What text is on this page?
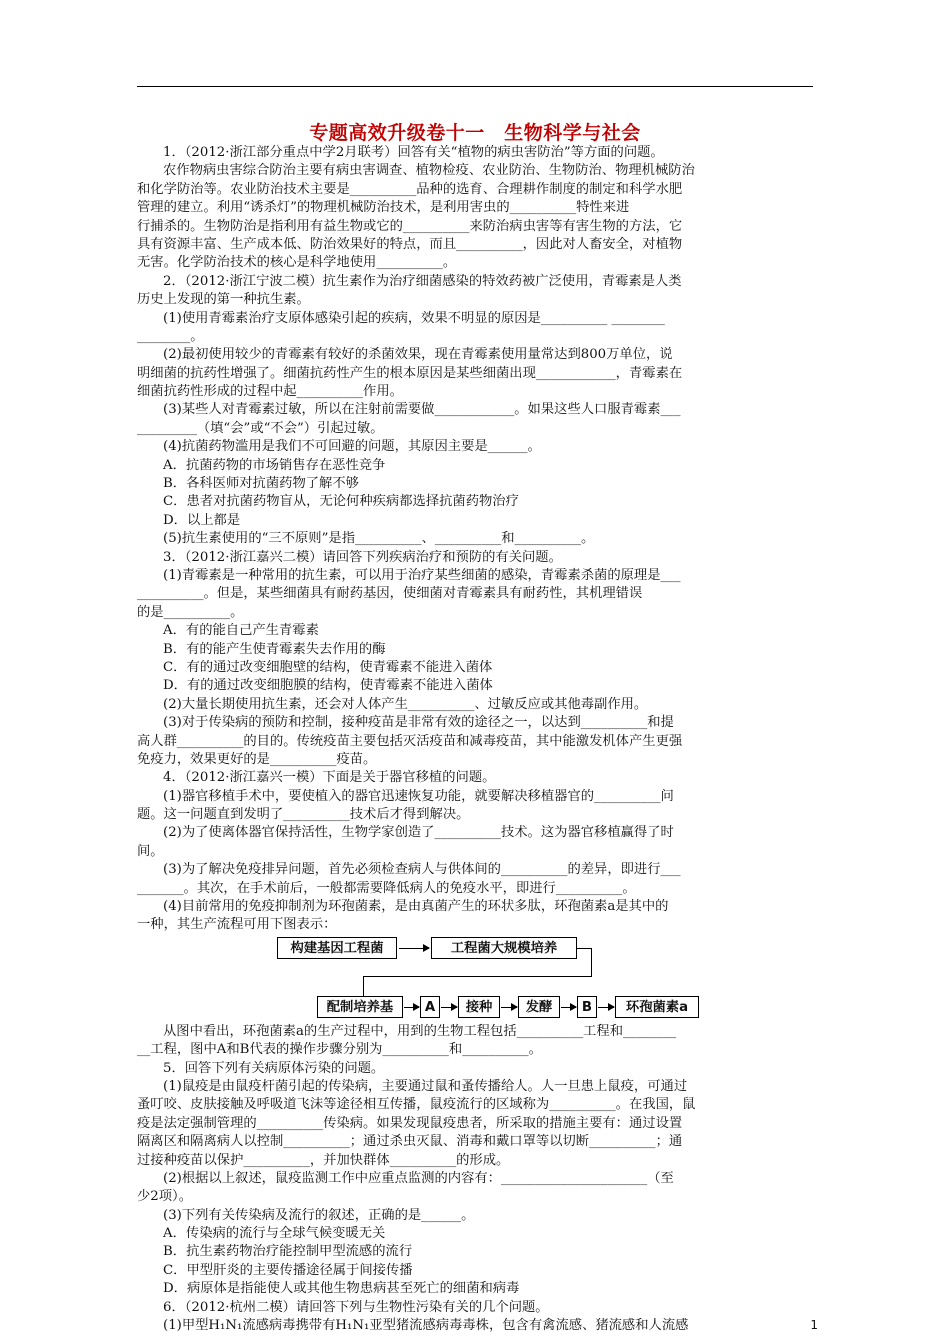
专题高效升级卷十一　生物科学与社会
1．（2012·浙江部分重点中学2月联考）回答有关“植物的病虫害防治”等方面的问题。
农作物病虫害综合防治主要有病虫害调查、植物检疫、农业防治、生物防治、物理机械防治
和化学防治等。农业防治技术主要是__________品种的选育、合理耕作制度的制定和科学水肥
管理的建立。利用“诱杀灯”的物理机械防治技术，是利用害虫的__________特性来进
行捕杀的。生物防治是指利用有益生物或它的__________来防治病虫害等有害生物的方法，它
具有资源丰富、生产成本低、防治效果好的特点，而且__________，因此对人畜安全，对植物
无害。化学防治技术的核心是科学地使用__________。
2．（2012·浙江宁波二模）抗生素作为治疗细菌感染的特效药被广泛使用，青霉素是人类
历史上发现的第一种抗生素。
(1)使用青霉素治疗支原体感染引起的疾病，效果不明显的原因是__________ ________
________。
(2)最初使用较少的青霉素有较好的杀菌效果，现在青霉素使用量常达到800万单位，说
明细菌的抗药性增强了。细菌抗药性产生的根本原因是某些细菌出现____________，青霉素在
细菌抗药性形成的过程中起__________作用。
(3)某些人对青霉素过敏，所以在注射前需要做____________。如果这些人口服青霉素___
_________（填“会”或“不会”）引起过敏。
(4)抗菌药物滥用是我们不可回避的问题，其原因主要是______。
A．抗菌药物的市场销售存在恶性竞争
B．各科医师对抗菌药物了解不够
C．患者对抗菌药物盲从，无论何种疾病都选择抗菌药物治疗
D．以上都是
(5)抗生素使用的“三不原则”是指__________、__________和__________。
3．（2012·浙江嘉兴二模）请回答下列疾病治疗和预防的有关问题。
(1)青霉素是一种常用的抗生素，可以用于治疗某些细菌的感染，青霉素杀菌的原理是___
__________。但是，某些细菌具有耐药基因，使细菌对青霉素具有耐药性，其机理错误
的是__________。
A．有的能自己产生青霉素
B．有的能产生使青霉素失去作用的酶
C．有的通过改变细胞壁的结构，使青霉素不能进入菌体
D．有的通过改变细胞膜的结构，使青霉素不能进入菌体
(2)大量长期使用抗生素，还会对人体产生__________、过敏反应或其他毒副作用。
(3)对于传染病的预防和控制，接种疫苗是非常有效的途径之一，以达到__________和提
高人群__________的目的。传统疫苗主要包括灭活疫苗和减毒疫苗，其中能激发机体产生更强
免疫力，效果更好的是__________疫苗。
4．（2012·浙江嘉兴一模）下面是关于器官移植的问题。
(1)器官移植手术中，要使植入的器官迅速恢复功能，就要解决移植器官的__________问
题。这一问题直到发明了__________技术后才得到解决。
(2)为了使离体器官保持活性，生物学家创造了__________技术。这为器官移植赢得了时
间。
(3)为了解决免疫排异问题，首先必须检查病人与供体间的__________的差异，即进行___
_______。其次，在手术前后，一般都需要降低病人的免疫水平，即进行__________。
(4)目前常用的免疫抑制剂为环孢菌素，是由真菌产生的环状多肽，环孢菌素a是其中的
一种，其生产流程可用下图表示：
构建基因工程菌	工程菌大规模培养
配制培养基	A	接种	发酵	B	环孢菌素a
从图中看出，环孢菌素a的生产过程中，用到的生物工程包括__________工程和________
__工程，图中A和B代表的操作步骤分别为__________和__________。
5．回答下列有关病原体污染的问题。
(1)鼠疫是由鼠疫杆菌引起的传染病，主要通过鼠和蚤传播给人。人一旦患上鼠疫，可通过
蚤叮咬、皮肤接触及呼吸道飞沫等途径相互传播，鼠疫流行的区域称为__________。在我国，鼠
疫是法定强制管理的__________传染病。如果发现鼠疫患者，所采取的措施主要有：通过设置
隔离区和隔离病人以控制__________；通过杀虫灭鼠、消毒和戴口罩等以切断__________；通
过接种疫苗以保护__________，并加快群体__________的形成。
(2)根据以上叙述，鼠疫监测工作中应重点监测的内容有：______________________（至
少2项）。
(3)下列有关传染病及流行的叙述，正确的是______。
A．传染病的流行与全球气候变暖无关
B．抗生素药物治疗能控制甲型流感的流行
C．甲型肝炎的主要传播途径属于间接传播
D．病原体是指能使人或其他生物患病甚至死亡的细菌和病毒
6．（2012·杭州二模）请回答下列与生物性污染有关的几个问题。
(1)甲型H₁N₁流感病毒携带有H₁N₁亚型猪流感病毒毒株，包含有禽流感、猪流感和人流感	1
